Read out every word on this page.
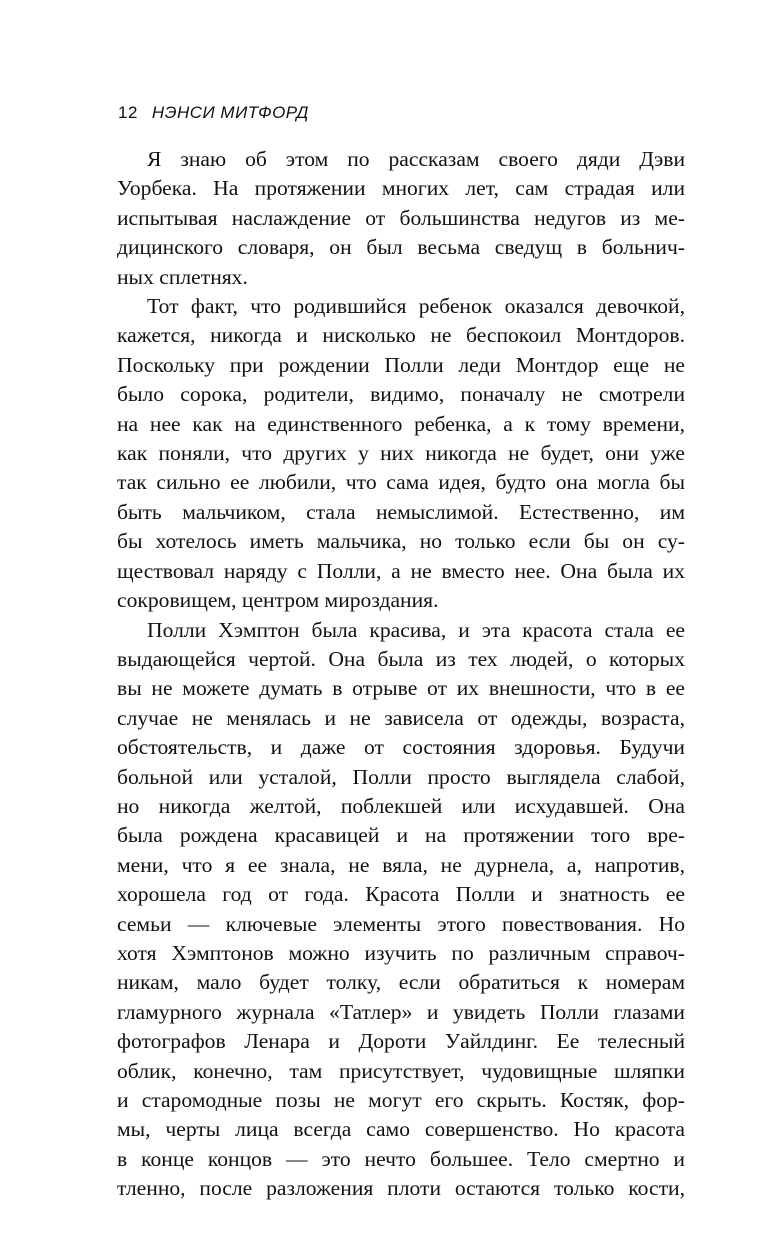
12 НЭНСИ МИТФОРД

Я знаю об этом по рассказам своего дяди Дэви
Уорбека. На протяжении многих лет, сам страдая или
испытывая наслаждение от большинства недугов из ме-
дицинского словаря, он был весьма сведущ в больнич-
ных сплетнях.

Тот факт, что родившийся ребенок оказался девочкой,
кажется, никогда и нисколько не беспокоил Монтдоров.
Поскольку при рождении Полли леди Монтдор еще не
было сорока, родители, видимо, поначалу не смотрели
на нее как на единственного ребенка, а к тому времени,
как поняли, что других у них никогда не будет, они уже
так сильно ее любили, что сама идея, будто она могла бы
быть мальчиком, стала немыслимой. Естественно, им
бы хотелось иметь мальчика, но только если бы он су-
ществовал наряду с Полли, а не вместо нее. Она была их
сокровищем, центром мироздания.

Полли Хэмптон была красива, и эта красота стала ее
выдающейся чертой. Она была из тех людей, о которых
вы не можете думать в отрыве от их внешности, что в ее
случае не менялась и не зависела от одежды, возраста,
обстоятельств, и даже от состояния здоровья. Будучи
больной или усталой, Полли просто выглядела слабой,
но никогда желтой, поблекшей или исхудавшей. Она
была рождена красавицей и на протяжении того вре-
мени, что я ее знала, не вяла, не дурнела, а, напротив,
хорошела год от года. Красота Полли и знатность ее
семьи — ключевые элементы этого повествования. Но
хотя Хэмптонов можно изучить по различным справоч-
никам, мало будет толку, если обратиться к номерам
гламурного журнала «Татлер» и увидеть Полли глазами
фотографов Ленара и Дороти Уайлдинг. Ее телесный
облик, конечно, там присутствует, чудовищные шляпки
и старомодные позы не могут его скрыть. Костяк, фор-
мы, черты лица всегда само совершенство. Но красота
в конце концов — это нечто большее. Тело смертно и
тленно, после разложения плоти остаются только кости,
